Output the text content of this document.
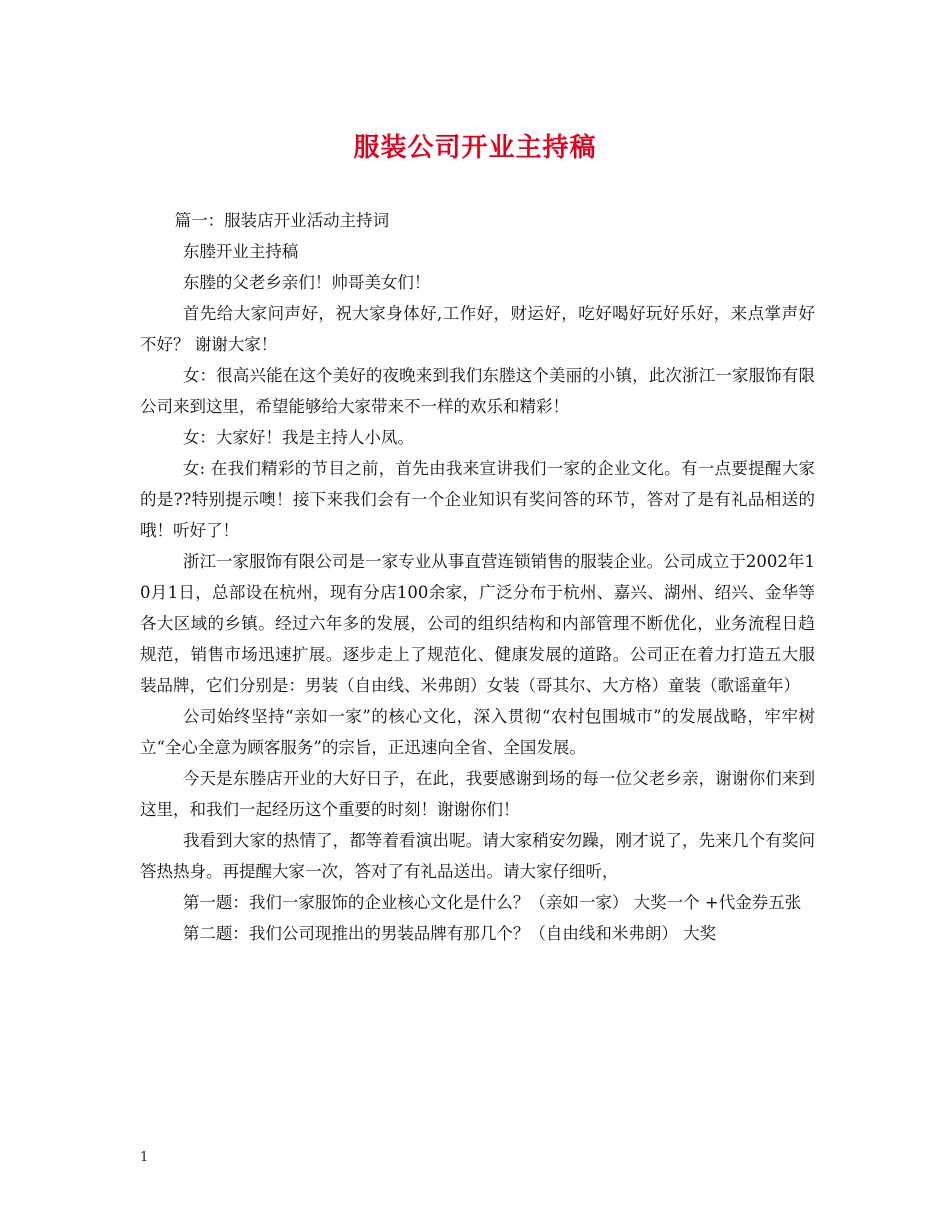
服装公司开业主持稿

篇一：服装店开业活动主持词

东塍开业主持稿

东塍的父老乡亲们！帅哥美女们！

首先给大家问声好，祝大家身体好,工作好，财运好，吃好喝好玩好乐好，来点掌声好不好？ 谢谢大家！

女：很高兴能在这个美好的夜晚来到我们东塍这个美丽的小镇，此次浙江一家服饰有限公司来到这里，希望能够给大家带来不一样的欢乐和精彩！

女：大家好！我是主持人小凤。

女: 在我们精彩的节目之前，首先由我来宣讲我们一家的企业文化。有一点要提醒大家的是??特别提示噢！接下来我们会有一个企业知识有奖问答的环节，答对了是有礼品相送的哦！听好了！

浙江一家服饰有限公司是一家专业从事直营连锁销售的服装企业。公司成立于2002年10月1日，总部设在杭州，现有分店100余家，广泛分布于杭州、嘉兴、湖州、绍兴、金华等各大区域的乡镇。经过六年多的发展，公司的组织结构和内部管理不断优化，业务流程日趋规范，销售市场迅速扩展。逐步走上了规范化、健康发展的道路。公司正在着力打造五大服装品牌，它们分别是：男装（自由线、米弗朗）女装（哥其尔、大方格）童装（歌谣童年）

公司始终坚持“亲如一家”的核心文化，深入贯彻“农村包围城市”的发展战略，牢牢树立“全心全意为顾客服务”的宗旨，正迅速向全省、全国发展。

今天是东塍店开业的大好日子，在此，我要感谢到场的每一位父老乡亲，谢谢你们来到这里，和我们一起经历这个重要的时刻！谢谢你们！

我看到大家的热情了，都等着看演出呢。请大家稍安勿躁，刚才说了，先来几个有奖问答热热身。再提醒大家一次，答对了有礼品送出。请大家仔细听，

第一题：我们一家服饰的企业核心文化是什么？（亲如一家） 大奖一个 +代金券五张

第二题：我们公司现推出的男装品牌有那几个？（自由线和米弗朗） 大奖

1
